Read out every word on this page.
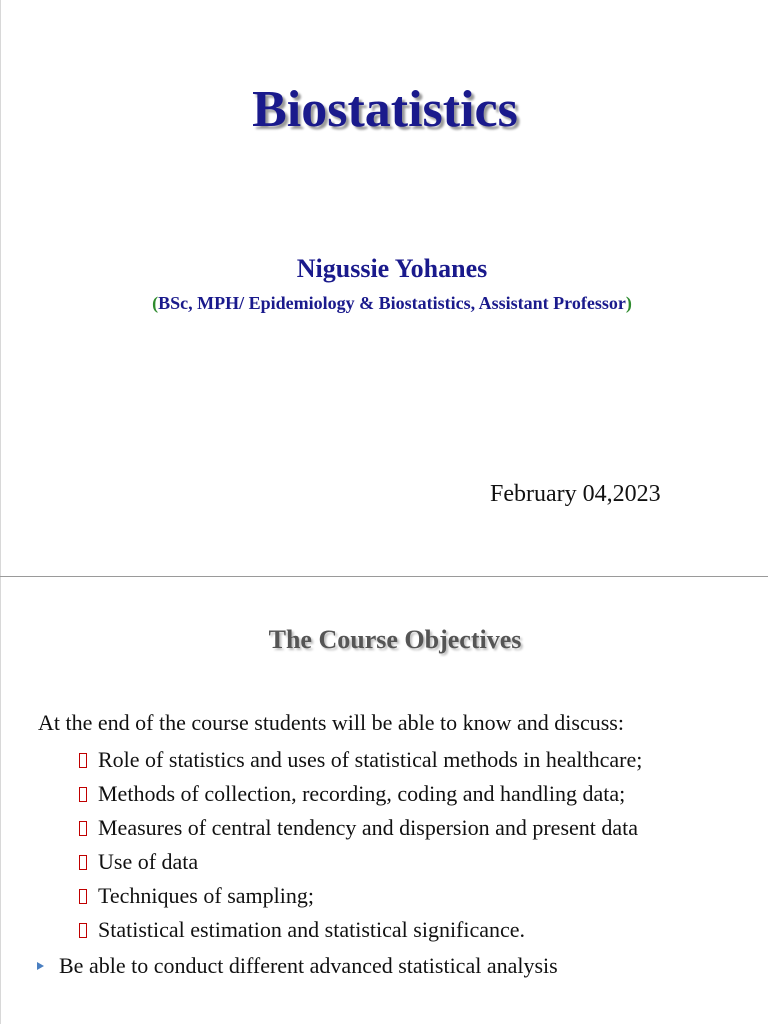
Biostatistics
Nigussie Yohanes
(BSc, MPH/ Epidemiology & Biostatistics, Assistant Professor)
February 04,2023
The Course Objectives
At the end of the course students will be able to know and discuss:
Role of statistics and uses of statistical methods in healthcare;
Methods of collection, recording, coding and handling data;
Measures of central tendency and dispersion and present data
Use of data
Techniques of sampling;
Statistical estimation and statistical significance.
Be able to conduct different advanced statistical analysis
